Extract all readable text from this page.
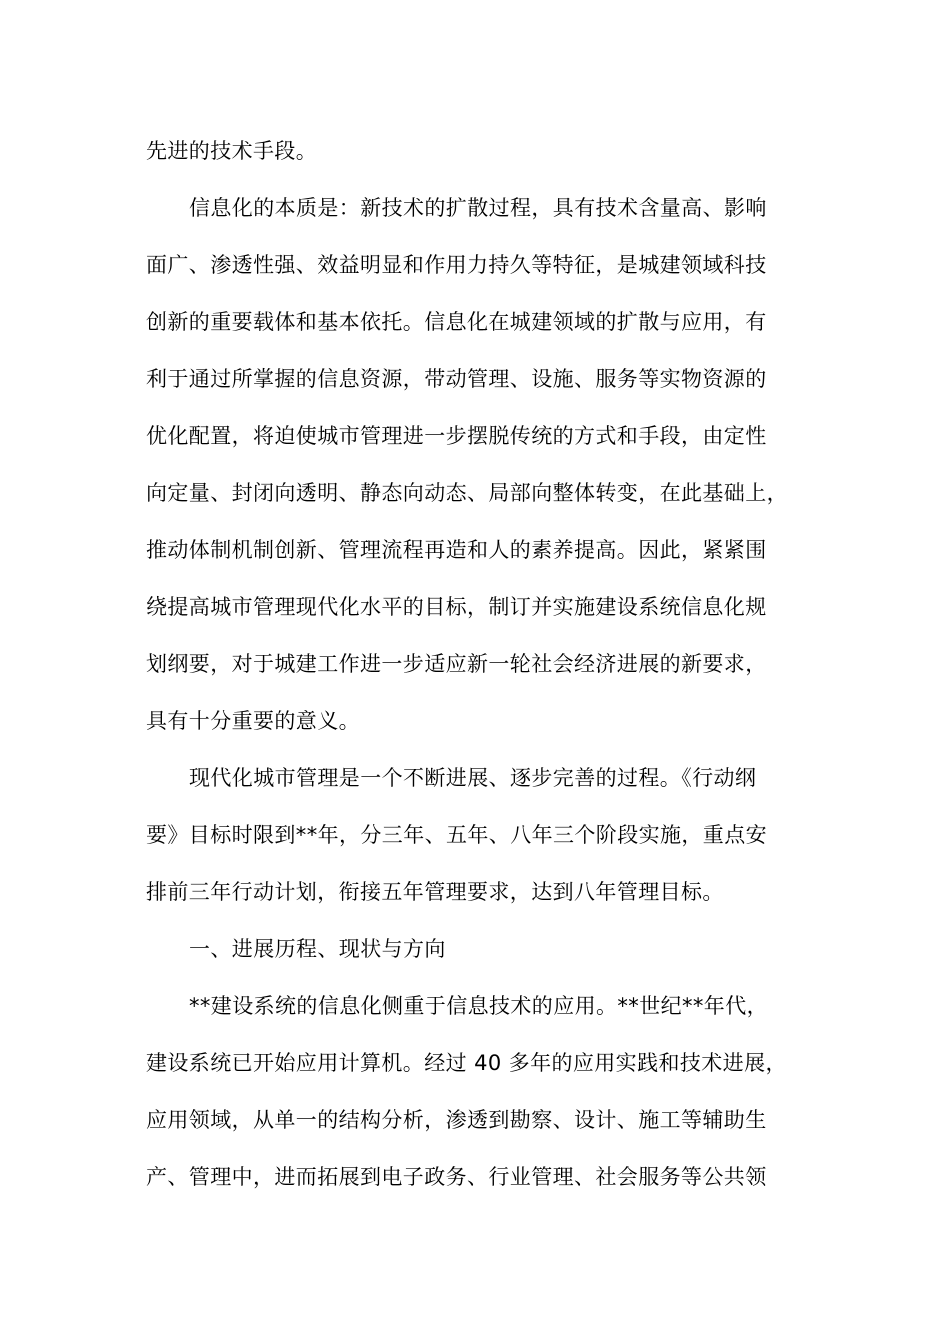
先进的技术手段。
信息化的本质是：新技术的扩散过程，具有技术含量高、影响
面广、渗透性强、效益明显和作用力持久等特征，是城建领域科技
创新的重要载体和基本依托。信息化在城建领域的扩散与应用，有
利于通过所掌握的信息资源，带动管理、设施、服务等实物资源的
优化配置，将迫使城市管理进一步摆脱传统的方式和手段，由定性
向定量、封闭向透明、静态向动态、局部向整体转变，在此基础上，
推动体制机制创新、管理流程再造和人的素养提高。因此，紧紧围
绕提高城市管理现代化水平的目标，制订并实施建设系统信息化规
划纲要，对于城建工作进一步适应新一轮社会经济进展的新要求，
具有十分重要的意义。
现代化城市管理是一个不断进展、逐步完善的过程。《行动纲
要》目标时限到**年，分三年、五年、八年三个阶段实施，重点安
排前三年行动计划，衔接五年管理要求，达到八年管理目标。
一、进展历程、现状与方向
**建设系统的信息化侧重于信息技术的应用。**世纪**年代，
建设系统已开始应用计算机。经过 40 多年的应用实践和技术进展，
应用领域，从单一的结构分析，渗透到勘察、设计、施工等辅助生
产、管理中，进而拓展到电子政务、行业管理、社会服务等公共领
